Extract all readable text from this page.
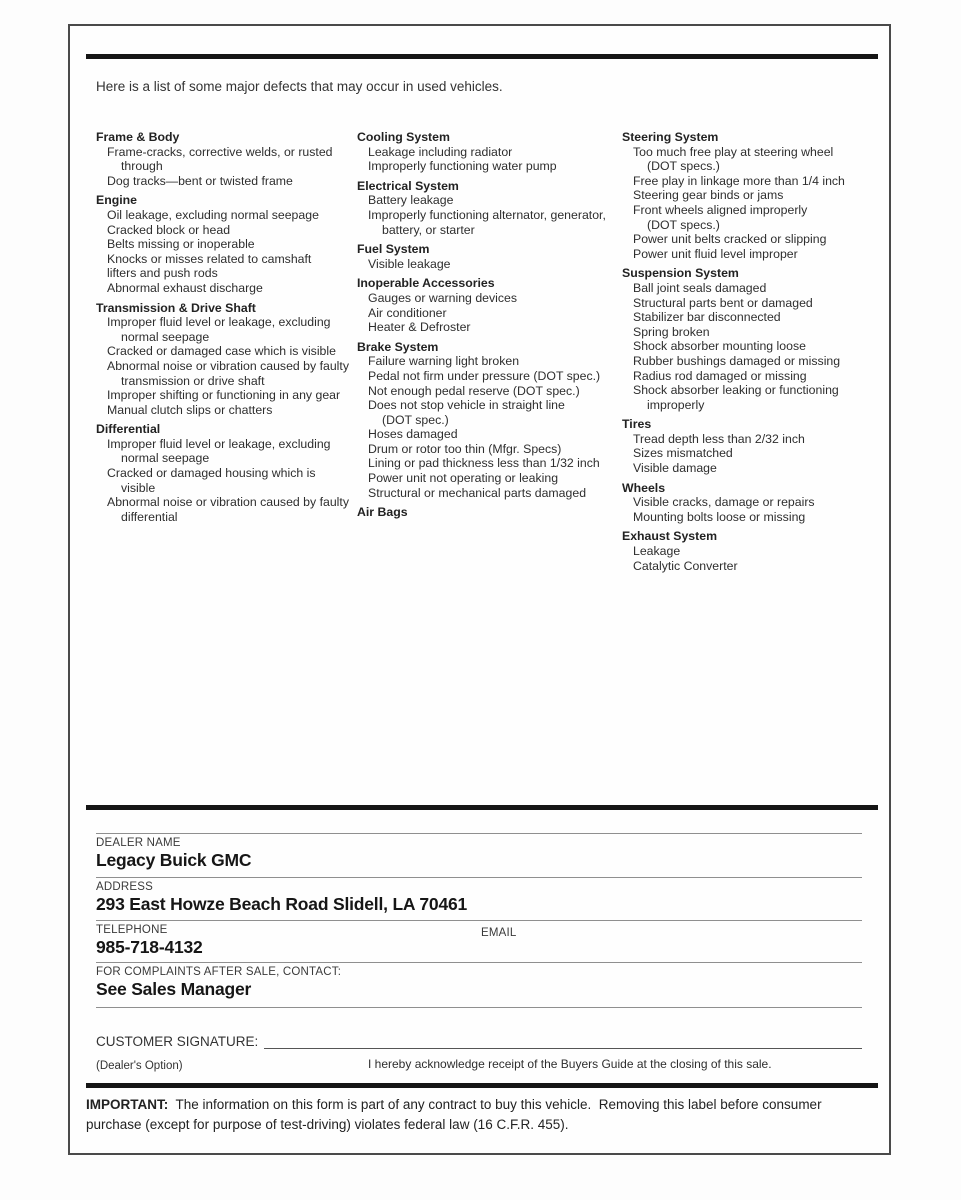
Here is a list of some major defects that may occur in used vehicles.
Frame & Body
Frame-cracks, corrective welds, or rusted
through
Dog tracks—bent or twisted frame
Engine
Oil leakage, excluding normal seepage
Cracked block or head
Belts missing or inoperable
Knocks or misses related to camshaft
lifters and push rods
Abnormal exhaust discharge
Transmission & Drive Shaft
Improper fluid level or leakage, excluding
normal seepage
Cracked or damaged case which is visible
Abnormal noise or vibration caused by faulty
transmission or drive shaft
Improper shifting or functioning in any gear
Manual clutch slips or chatters
Differential
Improper fluid level or leakage, excluding
normal seepage
Cracked or damaged housing which is
visible
Abnormal noise or vibration caused by faulty
differential
Cooling System
Leakage including radiator
Improperly functioning water pump
Electrical System
Battery leakage
Improperly functioning alternator, generator,
battery, or starter
Fuel System
Visible leakage
Inoperable Accessories
Gauges or warning devices
Air conditioner
Heater & Defroster
Brake System
Failure warning light broken
Pedal not firm under pressure (DOT spec.)
Not enough pedal reserve (DOT spec.)
Does not stop vehicle in straight line
(DOT spec.)
Hoses damaged
Drum or rotor too thin (Mfgr. Specs)
Lining or pad thickness less than 1/32 inch
Power unit not operating or leaking
Structural or mechanical parts damaged
Air Bags
Steering System
Too much free play at steering wheel
(DOT specs.)
Free play in linkage more than 1/4 inch
Steering gear binds or jams
Front wheels aligned improperly
(DOT specs.)
Power unit belts cracked or slipping
Power unit fluid level improper
Suspension System
Ball joint seals damaged
Structural parts bent or damaged
Stabilizer bar disconnected
Spring broken
Shock absorber mounting loose
Rubber bushings damaged or missing
Radius rod damaged or missing
Shock absorber leaking or functioning
improperly
Tires
Tread depth less than 2/32 inch
Sizes mismatched
Visible damage
Wheels
Visible cracks, damage or repairs
Mounting bolts loose or missing
Exhaust System
Leakage
Catalytic Converter
DEALER NAME
Legacy Buick GMC
ADDRESS
293 East Howze Beach Road Slidell, LA 70461
TELEPHONE	EMAIL
985-718-4132
FOR COMPLAINTS AFTER SALE, CONTACT:
See Sales Manager
CUSTOMER SIGNATURE:
(Dealer's Option)	I hereby acknowledge receipt of the Buyers Guide at the closing of this sale.
IMPORTANT:  The information on this form is part of any contract to buy this vehicle.  Removing this label before consumer purchase (except for purpose of test-driving) violates federal law (16 C.F.R. 455).
